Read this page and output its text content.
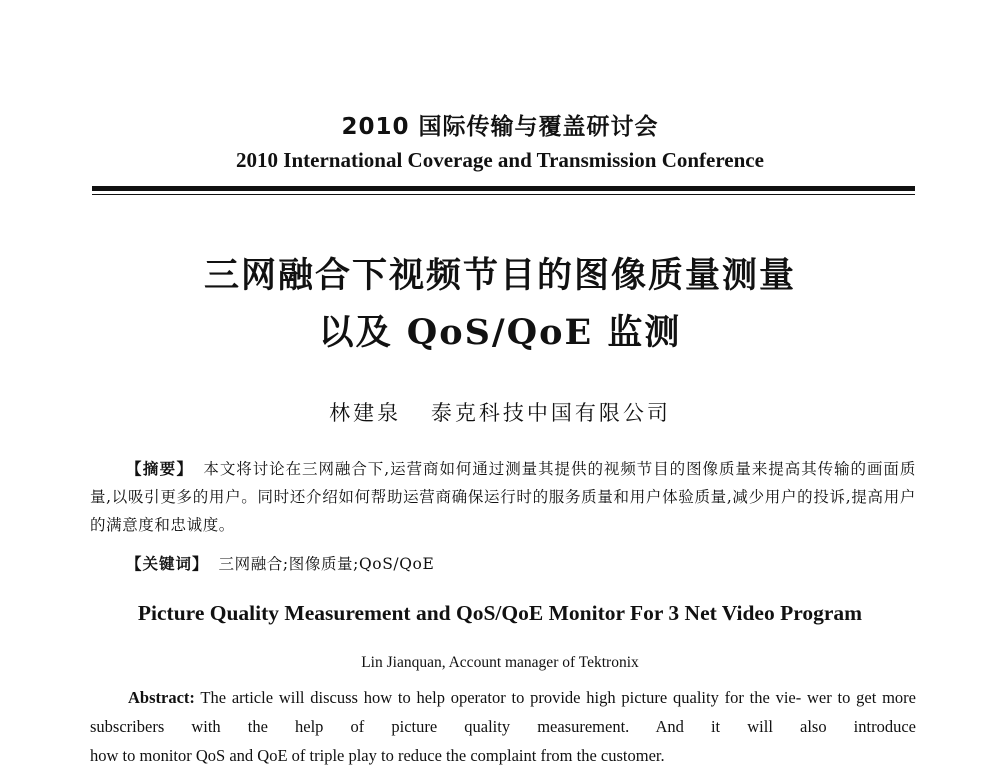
2010 国际传输与覆盖研讨会
2010 International Coverage and Transmission Conference
三网融合下视频节目的图像质量测量
以及 QoS/QoE 监测
林建泉 泰克科技中国有限公司
【摘要】 本文将讨论在三网融合下,运营商如何通过测量其提供的视频节目的图像质量来提高其传输的画面质量,以吸引更多的用户。同时还介绍如何帮助运营商确保运行时的服务质量和用户体验质量,减少用户的投诉,提高用户的满意度和忠诚度。
【关键词】 三网融合;图像质量;QoS/QoE
Picture Quality Measurement and QoS/QoE Monitor For 3 Net Video Program
Lin Jianquan, Account manager of Tektronix
Abstract: The article will discuss how to help operator to provide high picture quality for the vie- wer to get more subscribers with the help of picture quality measurement. And it will also introduce how to monitor QoS and QoE of triple play to reduce the complaint from the customer.
